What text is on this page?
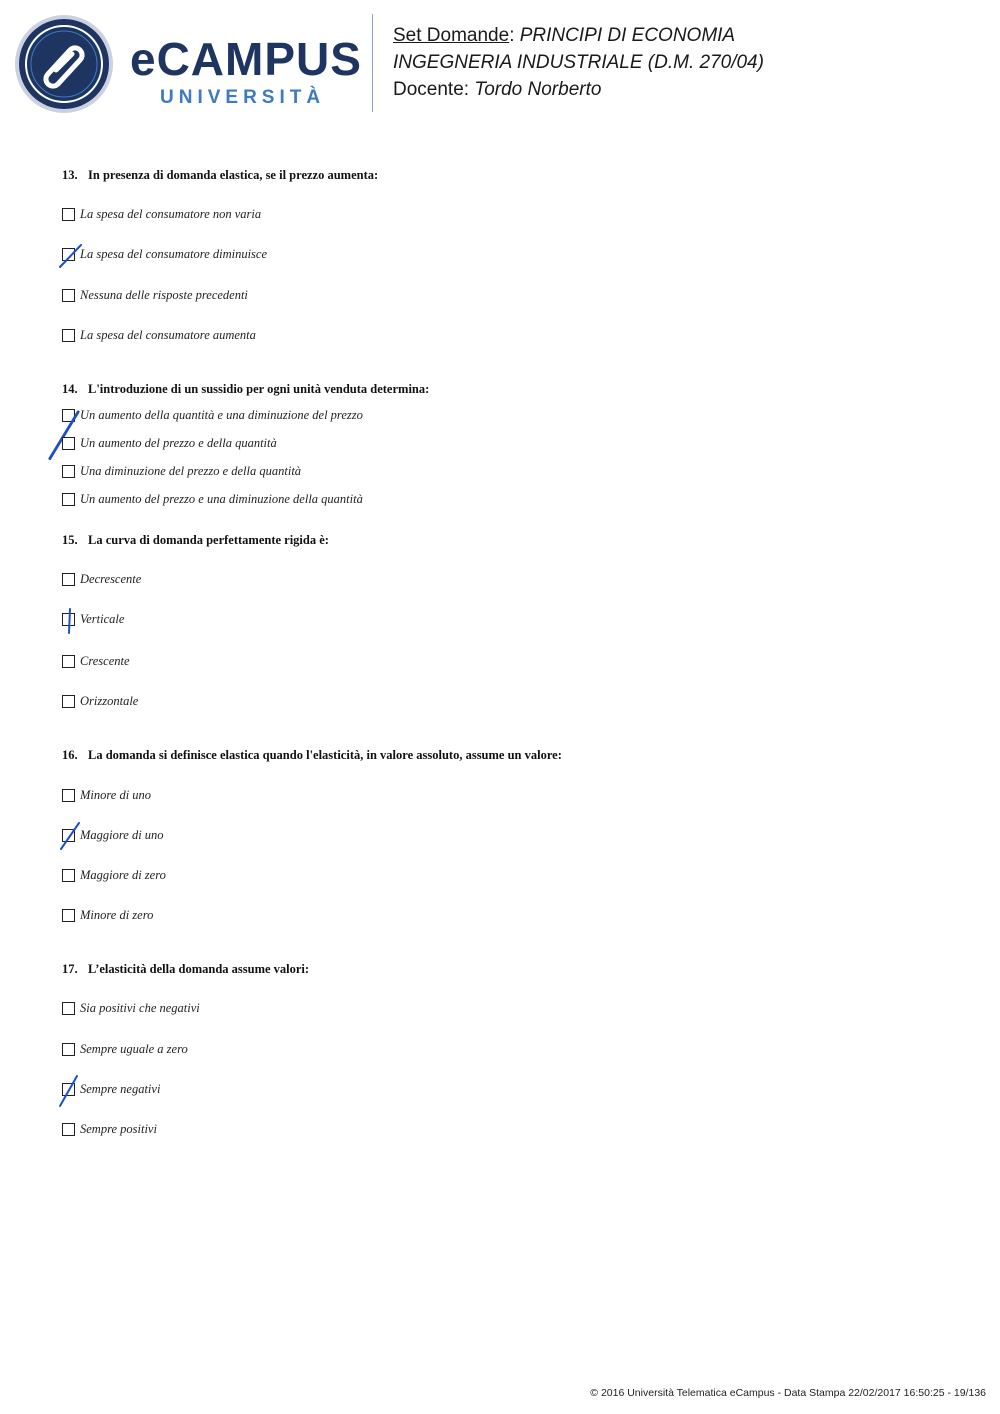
eCAMPUS
UNIVERSITÀ
Set Domande: PRINCIPI DI ECONOMIA
INGEGNERIA INDUSTRIALE (D.M. 270/04)
Docente: Tordo Norberto
13. In presenza di domanda elastica, se il prezzo aumenta:
La spesa del consumatore non varia
La spesa del consumatore diminuisce
Nessuna delle risposte precedenti
La spesa del consumatore aumenta
14. L'introduzione di un sussidio per ogni unità venduta determina:
Un aumento della quantità e una diminuzione del prezzo
Un aumento del prezzo e della quantità
Una diminuzione del prezzo e della quantità
Un aumento del prezzo e una diminuzione della quantità
15. La curva di domanda perfettamente rigida è:
Decrescente
Verticale
Crescente
Orizzontale
16. La domanda si definisce elastica quando l'elasticità, in valore assoluto, assume un valore:
Minore di uno
Maggiore di uno
Maggiore di zero
Minore di zero
17. L’elasticità della domanda assume valori:
Sia positivi che negativi
Sempre uguale a zero
Sempre negativi
Sempre positivi
© 2016 Università Telematica eCampus - Data Stampa 22/02/2017 16:50:25 - 19/136
